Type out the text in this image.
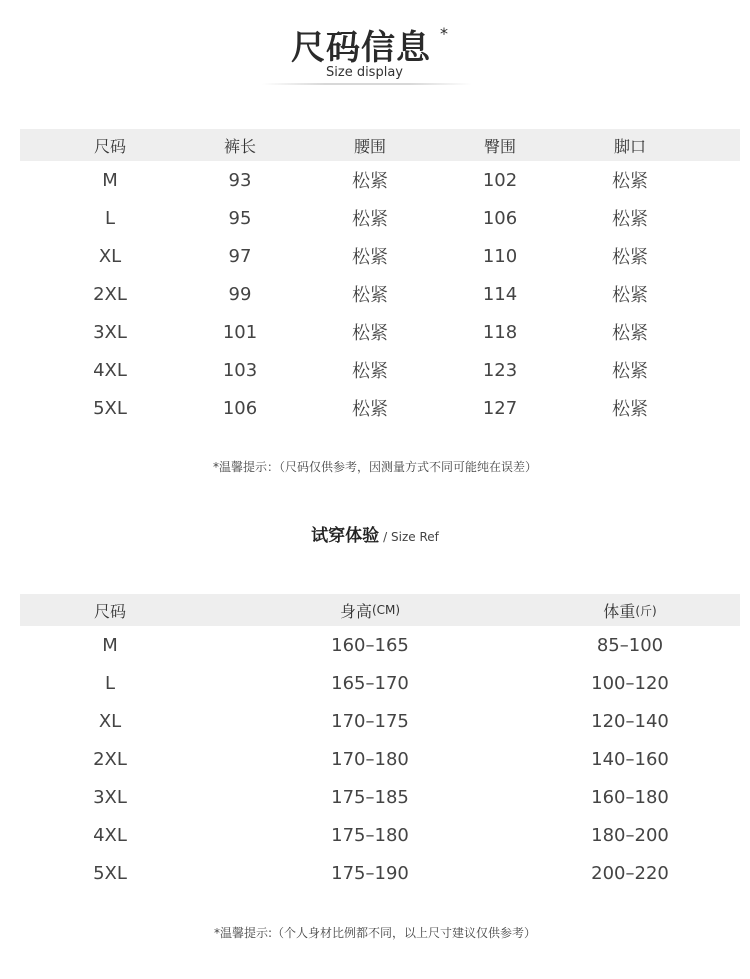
尺码信息 *
Size display
尺码	裤长	腰围	臀围	脚口
M	93	松紧	102	松紧
L	95	松紧	106	松紧
XL	97	松紧	110	松紧
2XL	99	松紧	114	松紧
3XL	101	松紧	118	松紧
4XL	103	松紧	123	松紧
5XL	106	松紧	127	松紧
*温馨提示：（尺码仅供参考，因测量方式不同可能纯在误差）
试穿体验 / Size Ref
尺码	身高 (CM)	体重 (斤)
M	160–165	85–100
L	165–170	100–120
XL	170–175	120–140
2XL	170–180	140–160
3XL	175–185	160–180
4XL	175–180	180–200
5XL	175–190	200–220
*温馨提示:（个人身材比例都不同，以上尺寸建议仅供参考）
